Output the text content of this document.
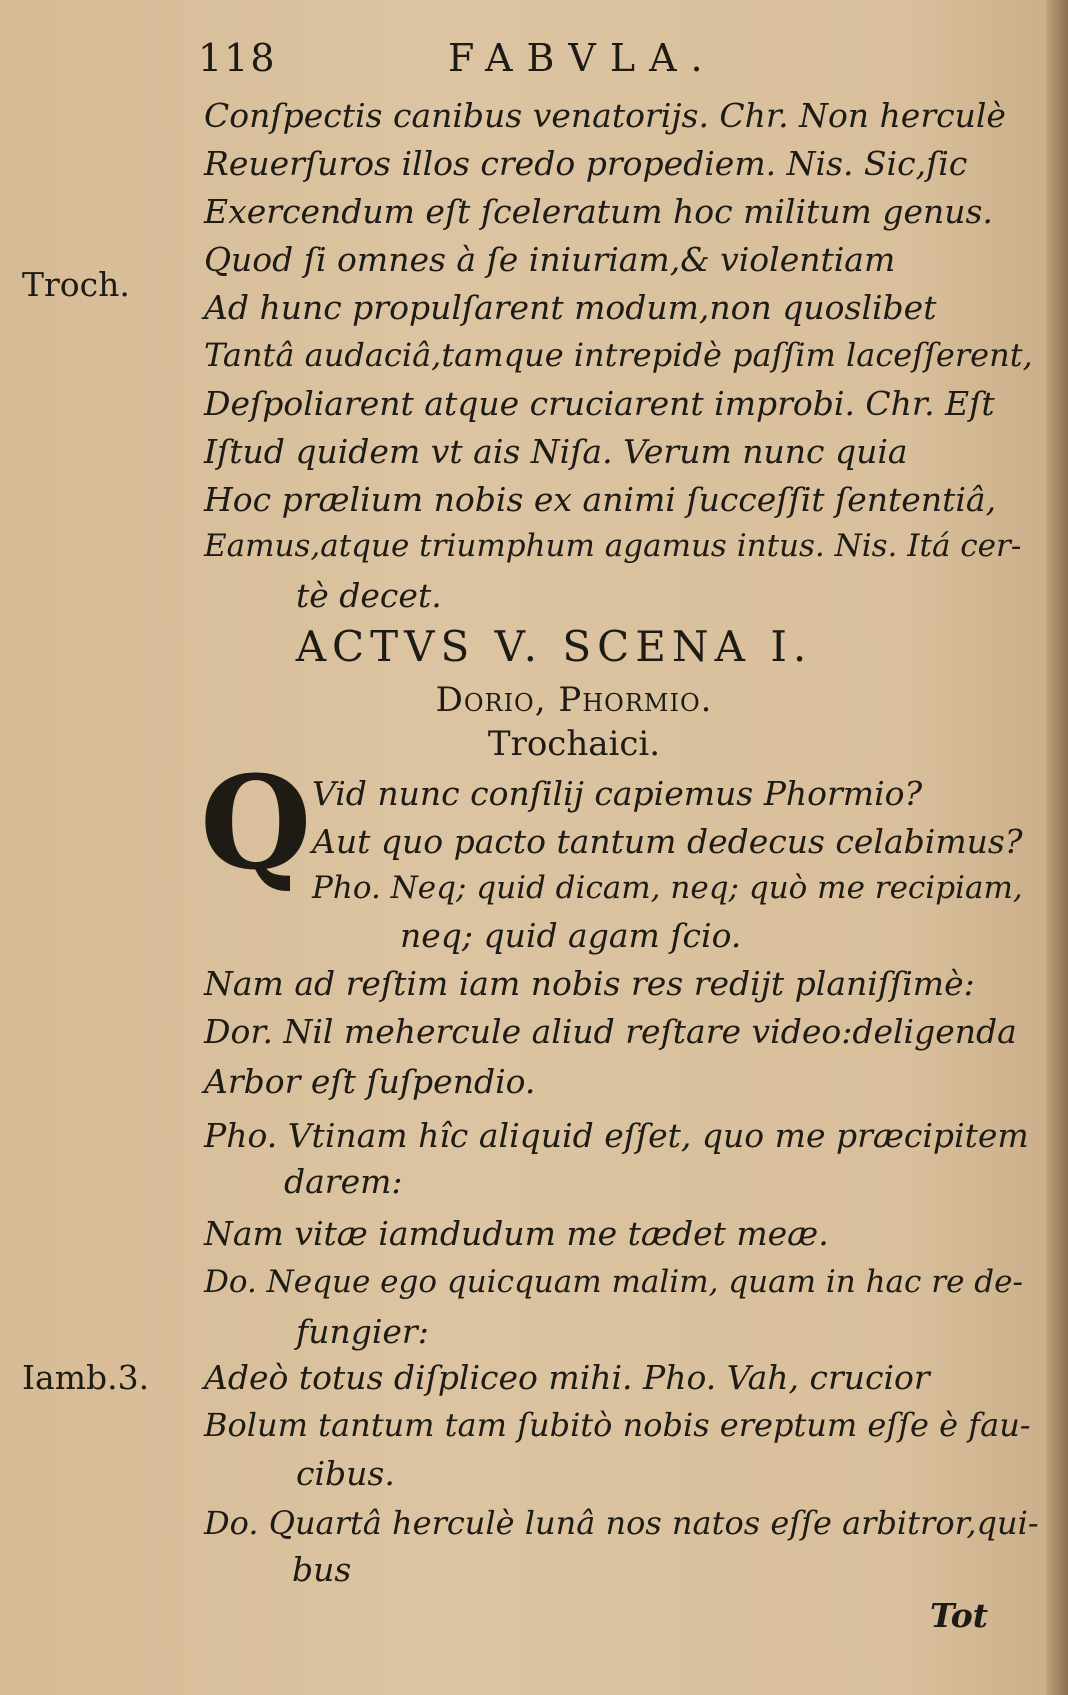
118	FABVLA.
Troch.
Iamb.3.
Conſpectis canibus venatorijs. Chr. Non herculè
Reuerſuros illos credo propediem. Nis. Sic,ſic
Exercendum eſt ſceleratum hoc militum genus.
Quod ſi omnes à ſe iniuriam,& violentiam
Ad hunc propulſarent modum,non quoslibet
Tantâ audaciâ,tamque intrepidè paſſim laceſſerent,
Deſpoliarent atque cruciarent improbi. Chr. Eſt
Iſtud quidem vt ais Niſa. Verum nunc quia
Hoc prælium nobis ex animi ſucceſſit ſententiâ,
Eamus,atque triumphum agamus intus. Nis. Itá cer-
tè decet.
ACTVS V. SCENA I.
Dorio, Phormio.
Trochaici.
Q Vid nunc conſilij capiemus Phormio?
Aut quo pacto tantum dedecus celabimus?
Pho. Neq; quid dicam, neq; quò me recipiam,
neq; quid agam ſcio.
Nam ad reſtim iam nobis res redijt planiſſimè:
Dor. Nil mehercule aliud reſtare video:deligenda
Arbor eſt ſuſpendio.
Pho. Vtinam hîc aliquid eſſet, quo me præcipitem
darem:
Nam vitæ iamdudum me tædet meæ.
Do. Neque ego quicquam malim, quam in hac re de-
fungier:
Adeò totus diſpliceo mihi. Pho. Vah, crucior
Bolum tantum tam ſubitò nobis ereptum eſſe è fau-
cibus.
Do. Quartâ herculè lunâ nos natos eſſe arbitror,qui-
bus
Tot
